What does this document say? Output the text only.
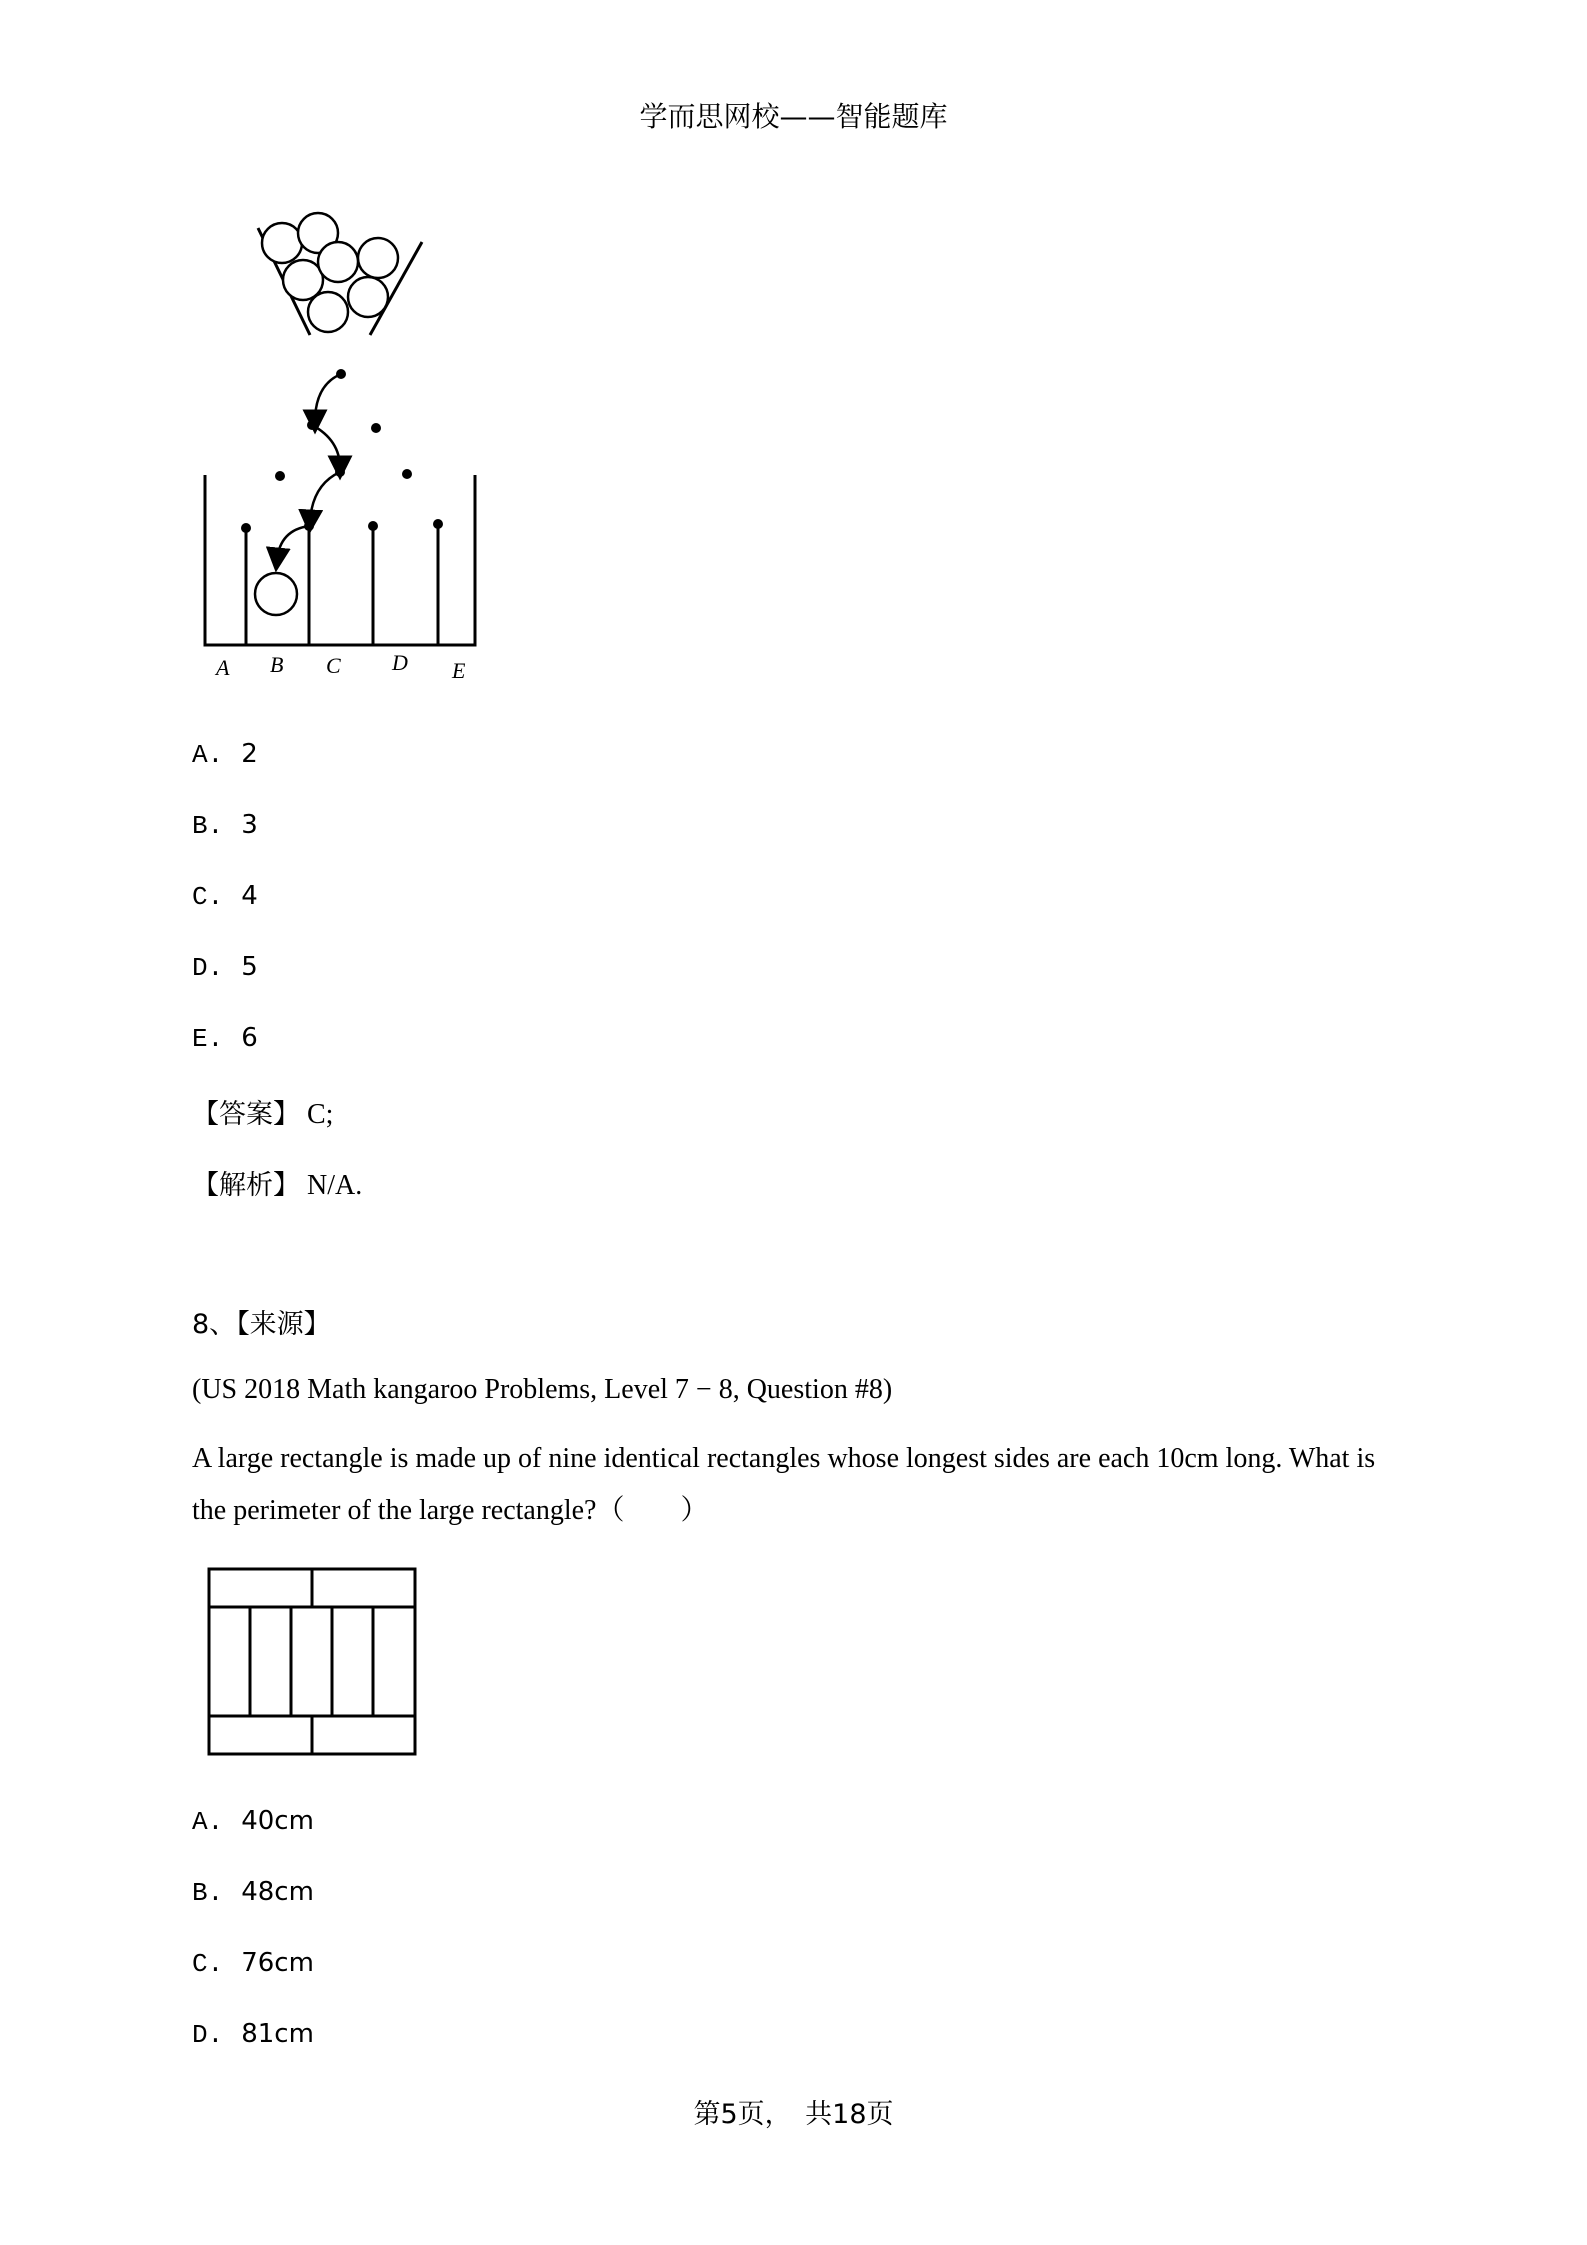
学而思网校——智能题库
A B C D E
A. 2
B. 3
C. 4
D. 5
E. 6
【答案】 C;
【解析】 N/A.
8、【来源】
(US 2018 Math kangaroo Problems, Level 7 − 8, Question #8)
A large rectangle is made up of nine identical rectangles whose longest sides are each 10cm long. What is the perimeter of the large rectangle?（　　）
A. 40cm
B. 48cm
C. 76cm
D. 81cm
第5页，　共18页
